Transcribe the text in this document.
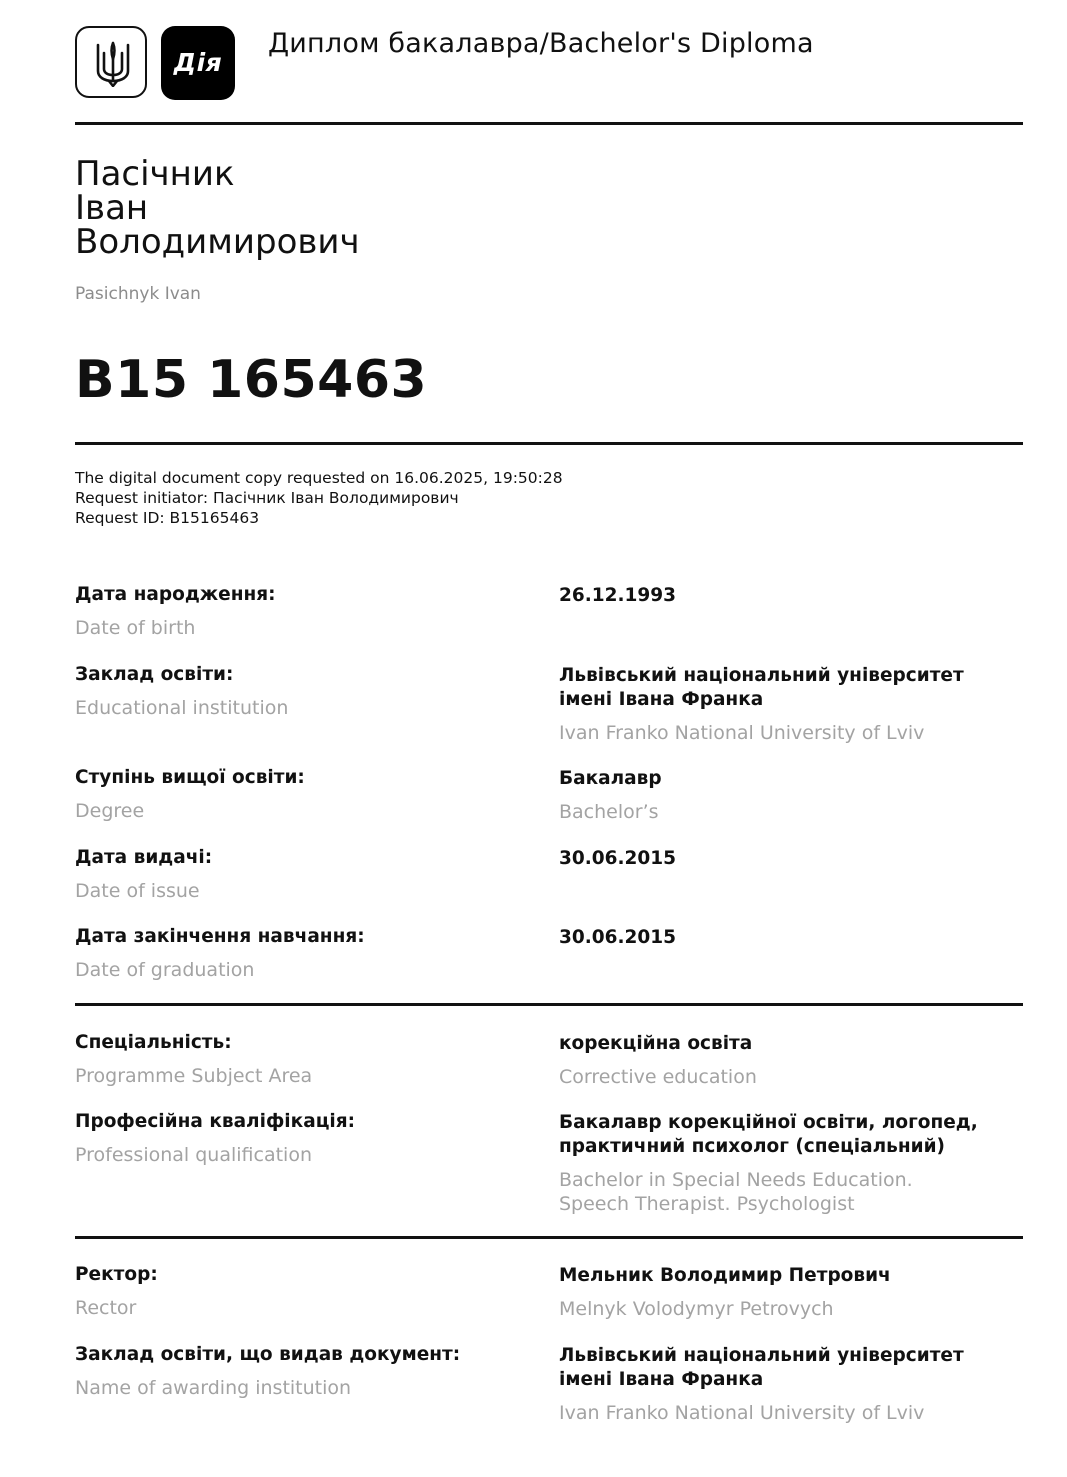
Дія
Диплом бакалавра/Bachelor's Diploma
Пасічник
Іван
Володимирович
Pasichnyk Ivan
B15 165463
The digital document copy requested on 16.06.2025, 19:50:28
Request initiator: Пасічник Іван Володимирович
Request ID: B15165463
Дата народження:
Date of birth
26.12.1993
Заклад освіти:
Educational institution
Львівський національний університет
імені Івана Франка
Ivan Franko National University of Lviv
Ступінь вищої освіти:
Degree
Бакалавр
Bachelor’s
Дата видачі:
Date of issue
30.06.2015
Дата закінчення навчання:
Date of graduation
30.06.2015
Спеціальність:
Programme Subject Area
корекційна освіта
Corrective education
Професійна кваліфікація:
Professional qualification
Бакалавр корекційної освіти, логопед,
практичний психолог (спеціальний)
Bachelor in Special Needs Education.
Speech Therapist. Psychologist
Ректор:
Rector
Мельник Володимир Петрович
Melnyk Volodymyr Petrovych
Заклад освіти, що видав документ:
Name of awarding institution
Львівський національний університет
імені Івана Франка
Ivan Franko National University of Lviv
